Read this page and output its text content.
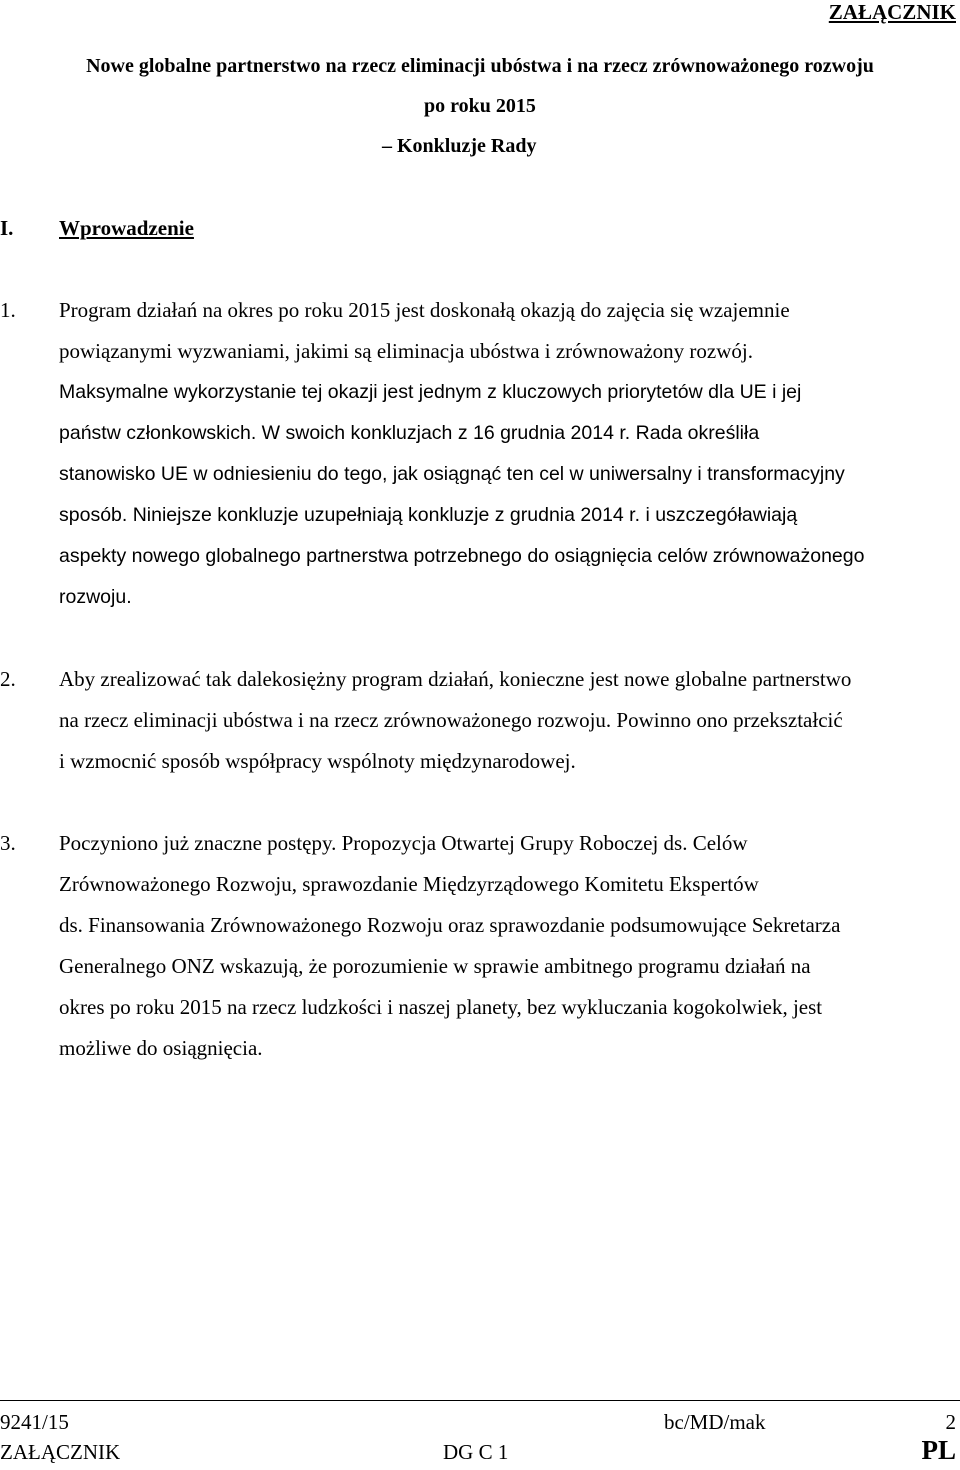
ZAŁĄCZNIK
Nowe globalne partnerstwo na rzecz eliminacji ubóstwa i na rzecz zrównoważonego rozwoju
po roku 2015
– Konkluzje Rady
I. Wprowadzenie
1. Program działań na okres po roku 2015 jest doskonałą okazją do zajęcia się wzajemnie
powiązanymi wyzwaniami, jakimi są eliminacja ubóstwa i zrównoważony rozwój.
Maksymalne wykorzystanie tej okazji jest jednym z kluczowych priorytetów dla UE i jej
państw członkowskich. W swoich konkluzjach z 16 grudnia 2014 r. Rada określiła
stanowisko UE w odniesieniu do tego, jak osiągnąć ten cel w uniwersalny i transformacyjny
sposób. Niniejsze konkluzje uzupełniają konkluzje z grudnia 2014 r. i uszczegóławiają
aspekty nowego globalnego partnerstwa potrzebnego do osiągnięcia celów zrównoważonego
rozwoju.
2. Aby zrealizować tak dalekosiężny program działań, konieczne jest nowe globalne partnerstwo
na rzecz eliminacji ubóstwa i na rzecz zrównoważonego rozwoju. Powinno ono przekształcić
i wzmocnić sposób współpracy wspólnoty międzynarodowej.
3. Poczyniono już znaczne postępy. Propozycja Otwartej Grupy Roboczej ds. Celów
Zrównoważonego Rozwoju, sprawozdanie Międzyrządowego Komitetu Ekspertów
ds. Finansowania Zrównoważonego Rozwoju oraz sprawozdanie podsumowujące Sekretarza
Generalnego ONZ wskazują, że porozumienie w sprawie ambitnego programu działań na
okres po roku 2015 na rzecz ludzkości i naszej planety, bez wykluczania kogokolwiek, jest
możliwe do osiągnięcia.
9241/15	bc/MD/mak	2
ZAŁĄCZNIK	DG C 1	PL
